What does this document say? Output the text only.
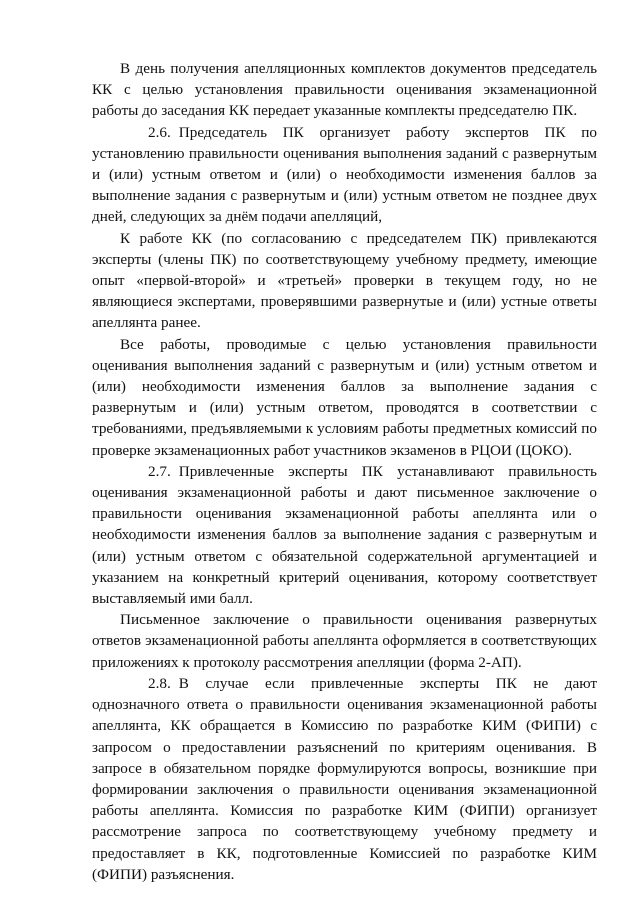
В день получения апелляционных комплектов документов председатель КК с целью установления правильности оценивания экзаменационной работы до заседания КК передает указанные комплекты председателю ПК.

2.6. Председатель ПК организует работу экспертов ПК по установлению правильности оценивания выполнения заданий с развернутым и (или) устным ответом и (или) о необходимости изменения баллов за выполнение задания с развернутым и (или) устным ответом не позднее двух дней, следующих за днём подачи апелляций,

К работе КК (по согласованию с председателем ПК) привлекаются эксперты (члены ПК) по соответствующему учебному предмету, имеющие опыт «первой-второй» и «третьей» проверки в текущем году, но не являющиеся экспертами, проверявшими развернутые и (или) устные ответы апеллянта ранее.

Все работы, проводимые с целью установления правильности оценивания выполнения заданий с развернутым и (или) устным ответом и (или) необходимости изменения баллов за выполнение задания с развернутым и (или) устным ответом, проводятся в соответствии с требованиями, предъявляемыми к условиям работы предметных комиссий по проверке экзаменационных работ участников экзаменов в РЦОИ (ЦОКО).

2.7. Привлеченные эксперты ПК устанавливают правильность оценивания экзаменационной работы и дают письменное заключение о правильности оценивания экзаменационной работы апеллянта или о необходимости изменения баллов за выполнение задания с развернутым и (или) устным ответом с обязательной содержательной аргументацией и указанием на конкретный критерий оценивания, которому соответствует выставляемый ими балл.

Письменное заключение о правильности оценивания развернутых ответов экзаменационной работы апеллянта оформляется в соответствующих приложениях к протоколу рассмотрения апелляции (форма 2-АП).

2.8. В случае если привлеченные эксперты ПК не дают однозначного ответа о правильности оценивания экзаменационной работы апеллянта, КК обращается в Комиссию по разработке КИМ (ФИПИ) с запросом о предоставлении разъяснений по критериям оценивания. В запросе в обязательном порядке формулируются вопросы, возникшие при формировании заключения о правильности оценивания экзаменационной работы апеллянта. Комиссия по разработке КИМ (ФИПИ) организует рассмотрение запроса по соответствующему учебному предмету и предоставляет в КК, подготовленные Комиссией по разработке КИМ (ФИПИ) разъяснения.
